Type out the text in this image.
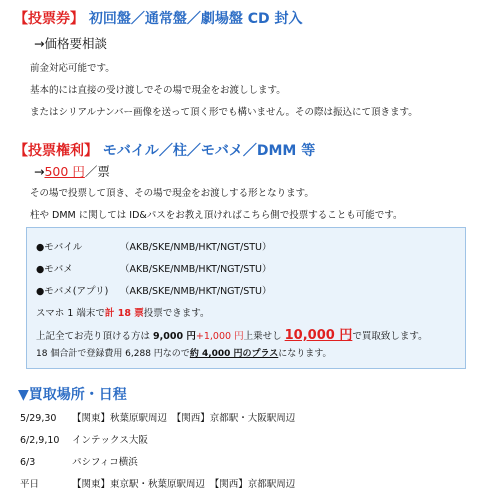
【投票券】 初回盤／通常盤／劇場盤 CD 封入
→価格要相談
前金対応可能です。
基本的には直接の受け渡しでその場で現金をお渡しします。
またはシリアルナンバー画像を送って頂く形でも構いません。その際は振込にて頂きます。
【投票権利】 モバイル／柱／モバメ／DMM 等
→500 円／票
その場で投票して頂き、その場で現金をお渡しする形となります。
柱や DMM に関しては ID&パスをお教え頂ければこちら側で投票することも可能です。
●モバイル	（AKB/SKE/NMB/HKT/NGT/STU）
●モバメ	（AKB/SKE/NMB/HKT/NGT/STU）
●モバメ(アプリ) （AKB/SKE/NMB/HKT/NGT/STU）
スマホ 1 端末で計 18 票投票できます。
上記全てお売り頂ける方は 9,000 円+1,000 円上乗せし 10,000 円で買取致します。
18 個合計で登録費用 6,288 円なので約 4,000 円のプラスになります。
▼買取場所・日程
5/29,30 【関東】秋葉原駅周辺　【関西】京都駅・大阪駅周辺
6/2,9,10 インテックス大阪
6/3	パシフィコ横浜
平日	【関東】東京駅・秋葉原駅周辺　【関西】京都駅周辺
